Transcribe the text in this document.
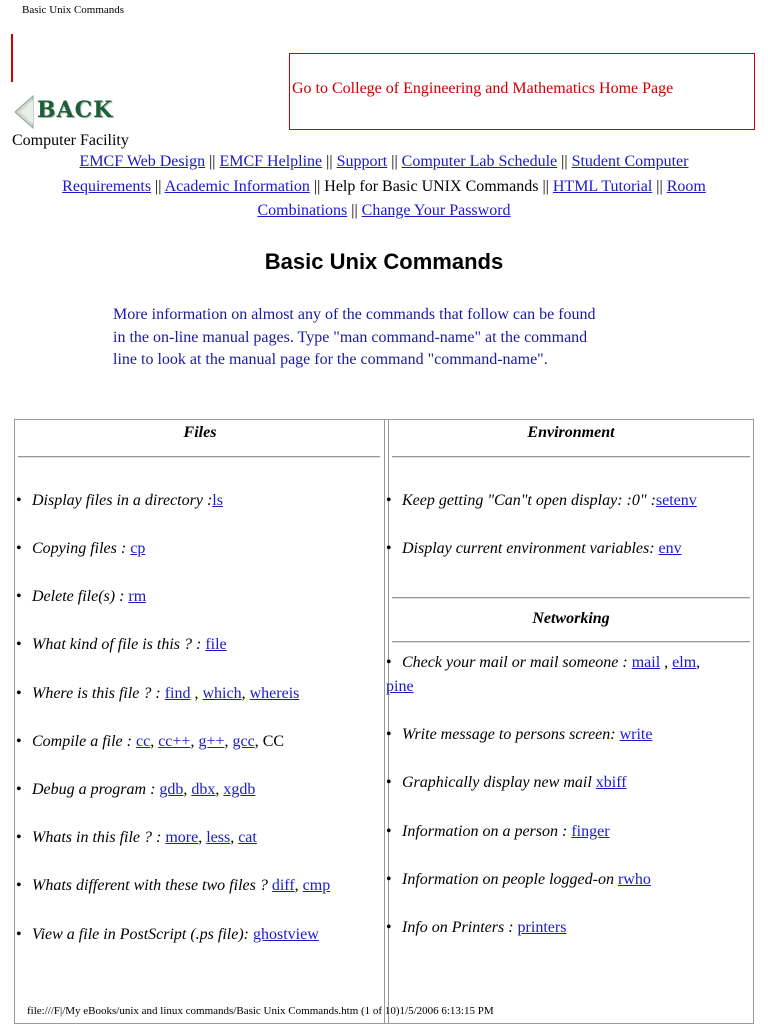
Basic Unix Commands
Go to College of Engineering and Mathematics Home Page
BACK
Computer Facility
EMCF Web Design || EMCF Helpline || Support || Computer Lab Schedule || Student Computer
Requirements || Academic Information || Help for Basic UNIX Commands || HTML Tutorial || Room
Combinations || Change Your Password
Basic Unix Commands
More information on almost any of the commands that follow can be found
in the on-line manual pages. Type "man command-name" at the command
line to look at the manual page for the command "command-name".
Files	Environment
Networking
• Display files in a directory :ls
• Copying files : cp
• Delete file(s) : rm
• What kind of file is this ? : file
• Where is this file ? : find , which, whereis
• Compile a file : cc, cc++, g++, gcc, CC
• Debug a program : gdb, dbx, xgdb
• Whats in this file ? : more, less, cat
• Whats different with these two files ? diff, cmp
• View a file in PostScript (.ps file): ghostview
• Keep getting "Can"t open display: :0" :setenv
• Display current environment variables: env
• Check your mail or mail someone : mail , elm,
pine
• Write message to persons screen: write
• Graphically display new mail xbiff
• Information on a person : finger
• Information on people logged-on rwho
• Info on Printers : printers
file:///F|/My eBooks/unix and linux commands/Basic Unix Commands.htm (1 of 10)1/5/2006 6:13:15 PM
